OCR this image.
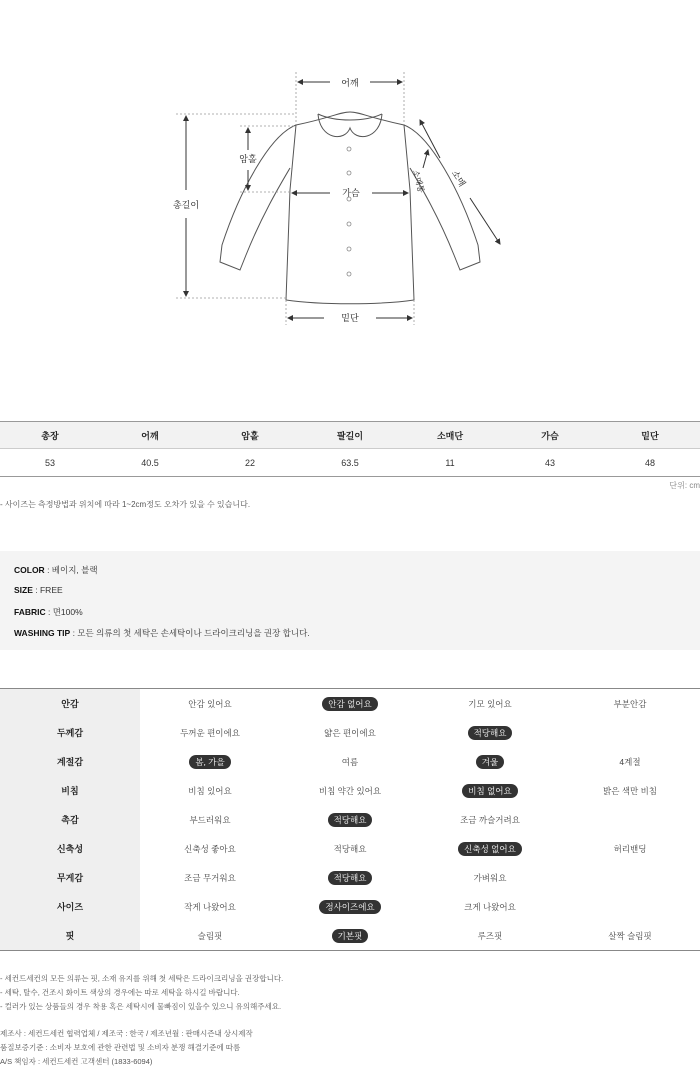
어깨
총길이
암홀
가슴
밑단
소매
소매통
총장	어깨	암홀	팔길이	소매단	가슴	밑단
53	40.5	22	63.5	11	43	48
단위: cm
- 사이즈는 측정방법과 위치에 따라 1~2cm정도 오차가 있을 수 있습니다.
COLOR : 베이지, 블랙
SIZE : FREE
FABRIC : 면100%
WASHING TIP : 모든 의류의 첫 세탁은 손세탁이나 드라이크리닝을 권장 합니다.
안감	안감 있어요	안감 없어요	기모 있어요	부분안감
두께감	두꺼운 편이에요	얇은 편이에요	적당해요
계절감	봄, 가을	여름	겨울	4계절
비침	비침 있어요	비침 약간 있어요	비침 없어요	밝은 색만 비침
촉감	부드러워요	적당해요	조금 까슬거려요
신축성	신축성 좋아요	적당해요	신축성 없어요	허리밴딩
무게감	조금 무거워요	적당해요	가벼워요
사이즈	작게 나왔어요	정사이즈에요	크게 나왔어요
핏	슬림핏	기본핏	루즈핏	살짝 슬림핏
- 세컨드세컨의 모든 의류는 핏, 소재 유지를 위해 첫 세탁은 드라이크리닝을 권장합니다.
- 세탁, 탈수, 건조시 화이트 색상의 경우에는 따로 세탁을 하시길 바랍니다.
- 컬러가 있는 상품들의 경우 착용 혹은 세탁시에 물빠짐이 있을수 있으니 유의해주세요.
제조사 : 세컨드세컨 협력업체 / 제조국 : 한국 / 제조년월 : 판매시즌내 상시제작
품질보증기준 : 소비자 보호에 관한 관련법 및 소비자 분쟁 해결기준에 따름
A/S 책임자 : 세컨드세컨 고객센터 (1833-6094)
